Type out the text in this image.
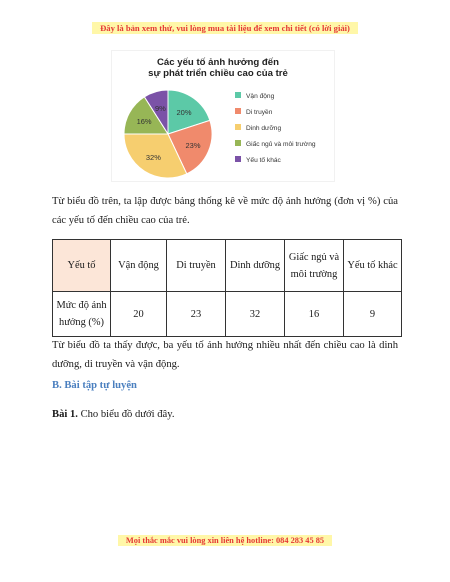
Đây là bản xem thử, vui lòng mua tài liệu để xem chi tiết (có lời giải)
Các yếu tố ảnh hưởng đến
sự phát triển chiều cao của trẻ
20%
23%
32%
16%
9%
Vận động
Di truyền
Dinh dưỡng
Giấc ngủ và môi trường
Yếu tố khác
Từ biểu đồ trên, ta lập được bảng thống kê về mức độ ảnh hưởng (đơn vị %) của các yếu tố đến chiều cao của trẻ.
Yếu tố	Vận động	Di truyền	Dinh dưỡng	Giấc ngủ và môi trường	Yếu tố khác
Mức độ ảnh hưởng (%)	20	23	32	16	9
Từ biểu đồ ta thấy được, ba yếu tố ảnh hưởng nhiều nhất đến chiều cao là dinh dưỡng, di truyền và vận động.
B. Bài tập tự luyện
Bài 1. Cho biểu đồ dưới đây.
Mọi thắc mắc vui lòng xin liên hệ hotline: 084 283 45 85
